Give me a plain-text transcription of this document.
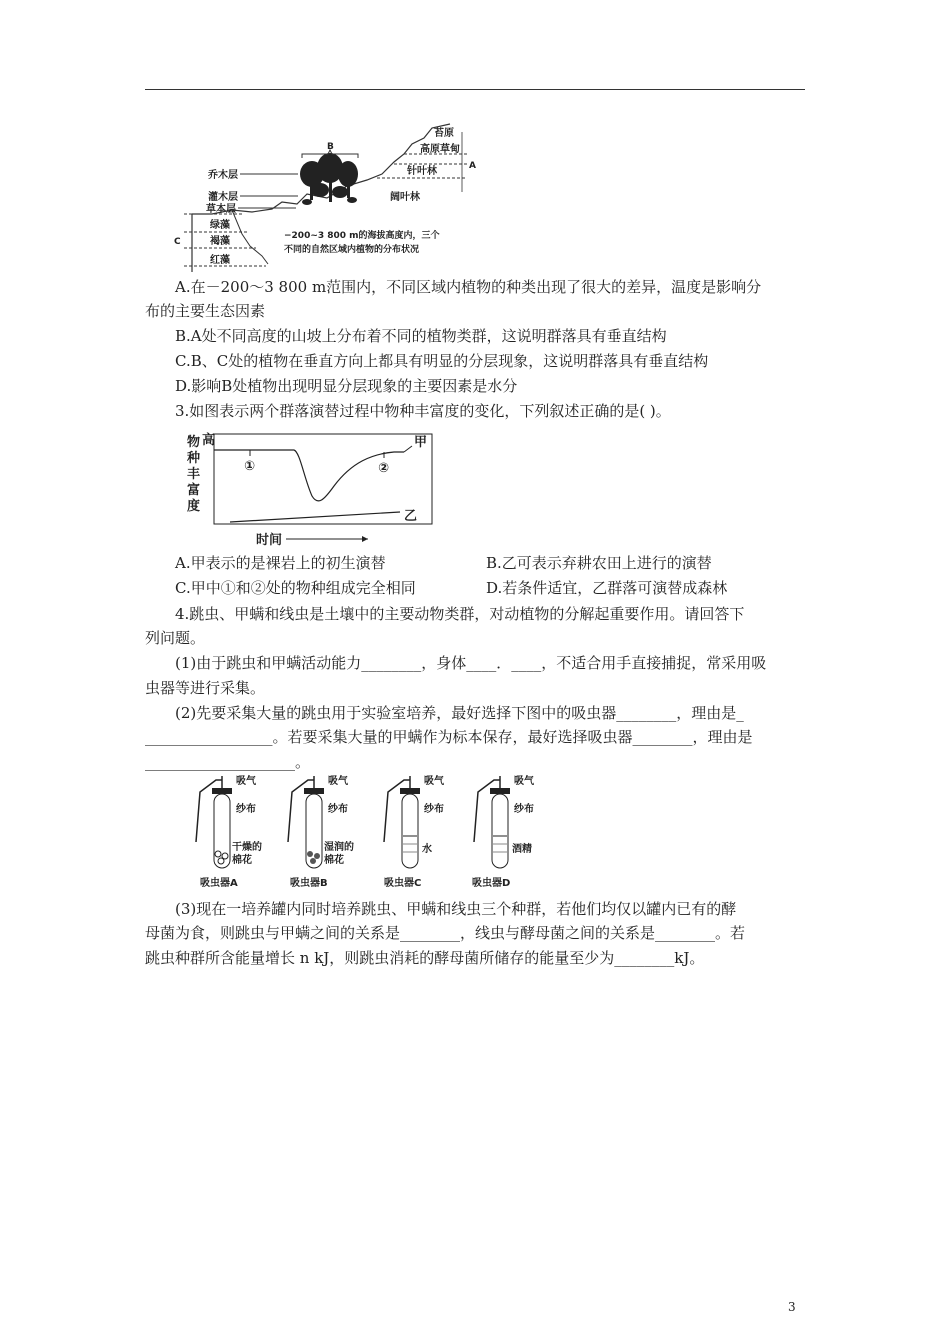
B
A
C
乔木层
灌木层
草本层
苔原
高原草甸
针叶林
阔叶林
绿藻
褐藻
红藻
−200~3 800 m的海拔高度内，三个
不同的自然区域内植物的分布状况
A.在－200～3 800 m范围内，不同区域内植物的种类出现了很大的差异，温度是影响分
布的主要生态因素
B.A处不同高度的山坡上分布着不同的植物类群，这说明群落具有垂直结构
C.B、C处的植物在垂直方向上都具有明显的分层现象，这说明群落具有垂直结构
D.影响B处植物出现明显分层现象的主要因素是水分
3.如图表示两个群落演替过程中物种丰富度的变化，下列叙述正确的是( )。
物
种
丰
富
度
高	甲
①	②
乙
时间
A.甲表示的是裸岩上的初生演替	B.乙可表示弃耕农田上进行的演替
C.甲中①和②处的物种组成完全相同	D.若条件适宜，乙群落可演替成森林
4.跳虫、甲螨和线虫是土壤中的主要动物类群，对动植物的分解起重要作用。请回答下
列问题。
(1)由于跳虫和甲螨活动能力________，身体____．____，不适合用手直接捕捉，常采用吸
虫器等进行采集。
(2)先要采集大量的跳虫用于实验室培养，最好选择下图中的吸虫器________，理由是_
_________________。若要采集大量的甲螨作为标本保存，最好选择吸虫器________，理由是
____________________。
吸气
纱布
干燥的
棉花
吸虫器A
吸气
纱布
湿润的
棉花
吸虫器B
吸气
纱布
水
吸虫器C
吸气
纱布
酒精
吸虫器D
(3)现在一培养罐内同时培养跳虫、甲螨和线虫三个种群，若他们均仅以罐内已有的酵
母菌为食，则跳虫与甲螨之间的关系是________，线虫与酵母菌之间的关系是________。若
跳虫种群所含能量增长 n kJ，则跳虫消耗的酵母菌所储存的能量至少为________kJ。
3
